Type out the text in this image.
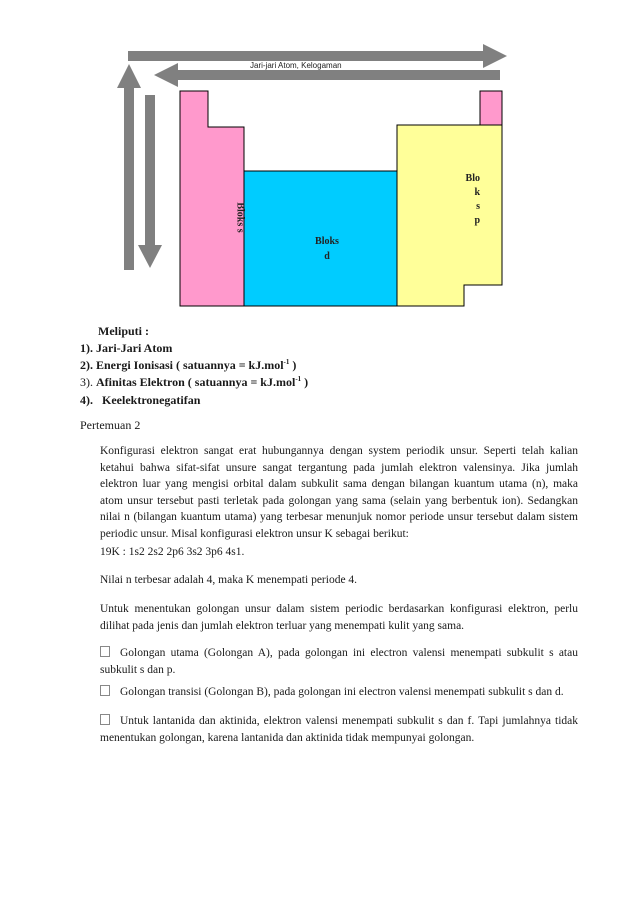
Jari-jari Atom, Kelogaman
Bloks s
Bloks
d
Blo
k
s
p
Meliputi :
1). Jari-Jari Atom
2). Energi Ionisasi ( satuannya = kJ.mol$^{-1}$ )
3). Afinitas Elektron ( satuannya = kJ.mol$^{-1}$ )
4). Keelektronegatifan
Pertemuan 2
Konfigurasi elektron sangat erat hubungannya dengan system periodik unsur. Seperti telah kalian ketahui bahwa sifat-sifat unsure sangat tergantung pada jumlah elektron valensinya. Jika jumlah elektron luar yang mengisi orbital dalam subkulit sama dengan bilangan kuantum utama (n), maka atom unsur tersebut pasti terletak pada golongan yang sama (selain yang berbentuk ion). Sedangkan nilai n (bilangan kuantum utama) yang terbesar menunjuk nomor periode unsur tersebut dalam sistem periodic unsur. Misal konfigurasi elektron unsur K sebagai berikut:
19K : 1s2 2s2 2p6 3s2 3p6 4s1.
Nilai n terbesar adalah 4, maka K menempati periode 4.
Untuk menentukan golongan unsur dalam sistem periodic berdasarkan konfigurasi elektron, perlu dilihat pada jenis dan jumlah elektron terluar yang menempati kulit yang sama.
Golongan utama (Golongan A), pada golongan ini electron valensi menempati subkulit s atau subkulit s dan p.
Golongan transisi (Golongan B), pada golongan ini electron valensi menempati subkulit s dan d.
Untuk lantanida dan aktinida, elektron valensi menempati subkulit s dan f. Tapi jumlahnya tidak menentukan golongan, karena lantanida dan aktinida tidak mempunyai golongan.
